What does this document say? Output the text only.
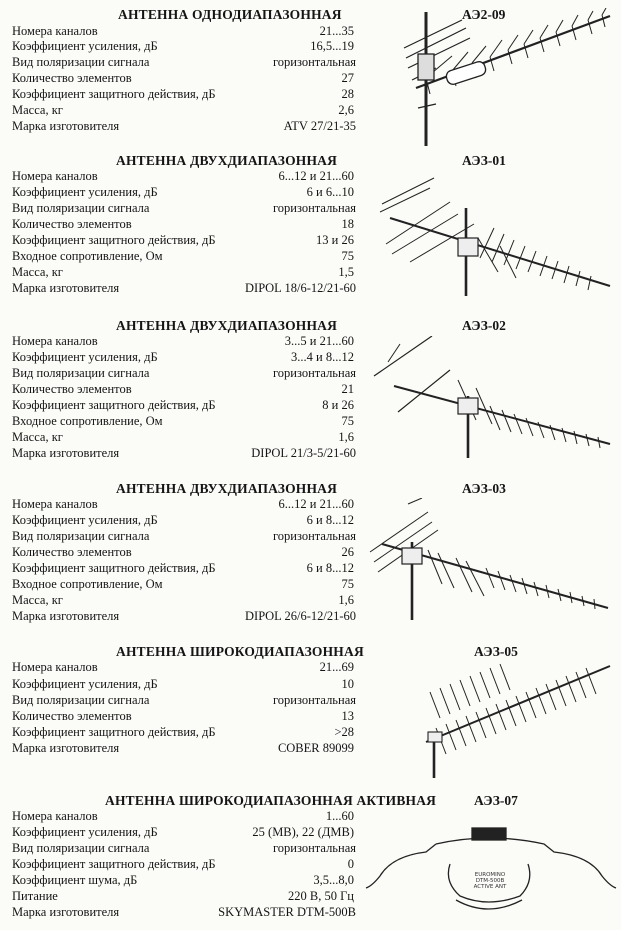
АНТЕННА ОДНОДИАПАЗОННАЯ	АЭ2-09
Номера каналов	21...35
Коэффициент усиления, дБ	16,5...19
Вид поляризации сигнала	горизонтальная
Количество элементов	27
Коэффициент защитного действия, дБ	28
Масса, кг	2,6
Марка изготовителя	ATV 27/21-35
АНТЕННА ДВУХДИАПАЗОННАЯ	АЭЗ-01
Номера каналов	6...12 и 21...60
Коэффициент усиления, дБ	6 и 6...10
Вид поляризации сигнала	горизонтальная
Количество элементов	18
Коэффициент защитного действия, дБ	13 и 26
Входное сопротивление, Ом	75
Масса, кг	1,5
Марка изготовителя	DIPOL 18/6-12/21-60
АНТЕННА ДВУХДИАПАЗОННАЯ	АЭЗ-02
Номера каналов	3...5 и 21...60
Коэффициент усиления, дБ	3...4 и 8...12
Вид поляризации сигнала	горизонтальная
Количество элементов	21
Коэффициент защитного действия, дБ	8 и 26
Входное сопротивление, Ом	75
Масса, кг	1,6
Марка изготовителя	DIPOL 21/3-5/21-60
АНТЕННА ДВУХДИАПАЗОННАЯ	АЭЗ-03
Номера каналов	6...12 и 21...60
Коэффициент усиления, дБ	6 и 8...12
Вид поляризации сигнала	горизонтальная
Количество элементов	26
Коэффициент защитного действия, дБ	6 и 8...12
Входное сопротивление, Ом	75
Масса, кг	1,6
Марка изготовителя	DIPOL 26/6-12/21-60
АНТЕННА ШИРОКОДИАПАЗОННАЯ	АЭЗ-05
Номера каналов	21...69
Коэффициент усиления, дБ	10
Вид поляризации сигнала	горизонтальная
Количество элементов	13
Коэффициент защитного действия, дБ	>28
Марка изготовителя	COBER 89099
АНТЕННА ШИРОКОДИАПАЗОННАЯ АКТИВНАЯ	АЭЗ-07
Номера каналов	1...60
Коэффициент усиления, дБ	25 (МВ), 22 (ДМВ)
Вид поляризации сигнала	горизонтальная
Коэффициент защитного действия, дБ	0
Коэффициент шума, дБ	3,5...8,0
Питание	220 В, 50 Гц
Марка изготовителя	SKYMASTER DTM-500B
EUROMINO
DTM-500B
ACTIVE ANT
